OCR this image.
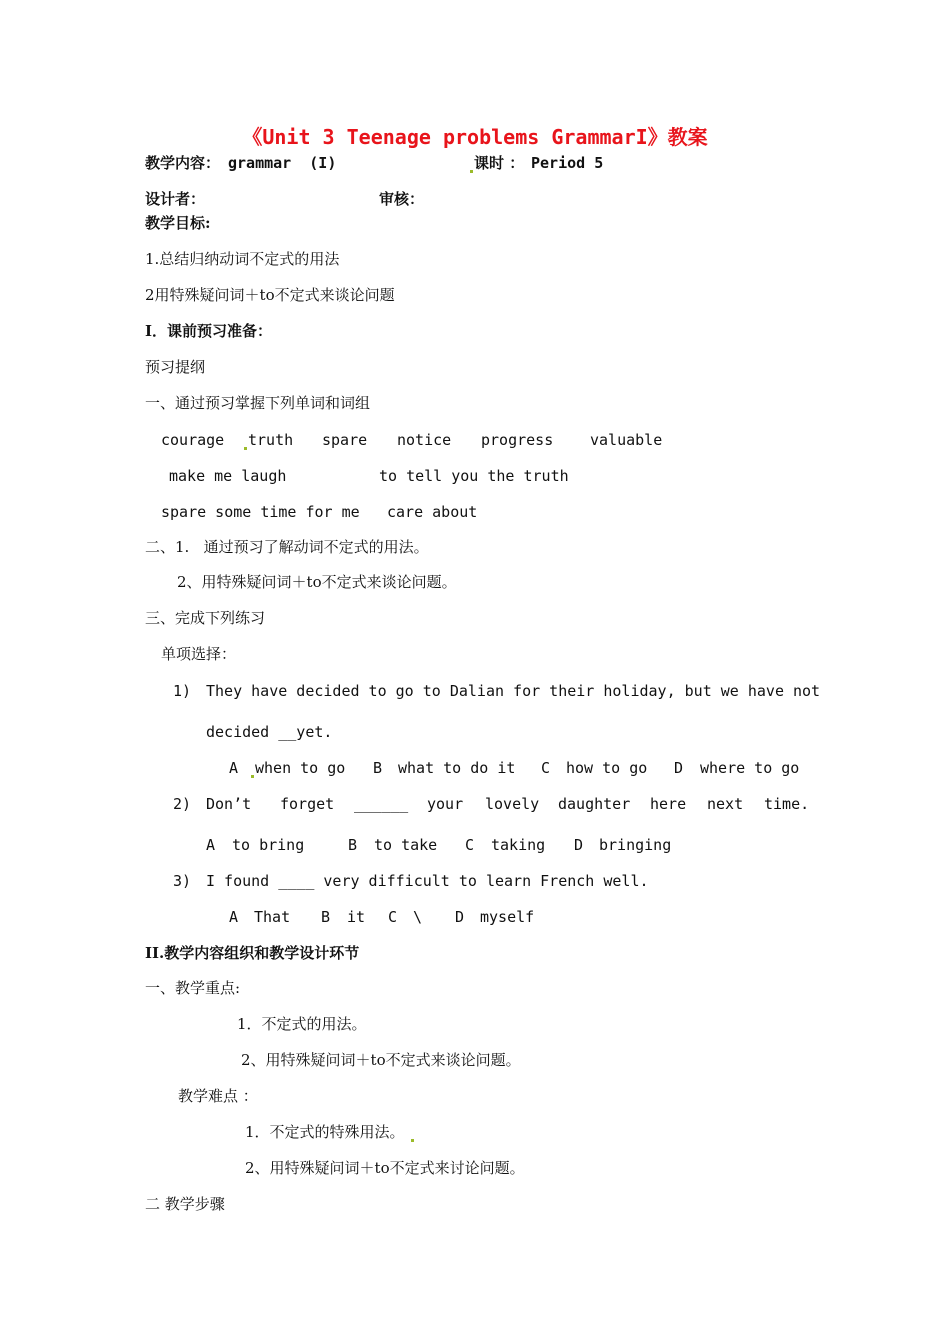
《Unit 3 Teenage problems GrammarI》教案
教学内容： grammar  (I)	课时 ： Period 5
设计者：	审核：
教学目标:
1.总结归纳动词不定式的用法
2用特殊疑问词＋to不定式来谈论问题
I．课前预习准备：
预习提纲
一、通过预习掌握下列单词和词组
courage	truth spare notice progress valuable
make me laugh	to tell you the truth
spare some time for me care about
二、1.   通过预习了解动词不定式的用法。
2、用特殊疑问词＋to不定式来谈论问题。
三、完成下列练习
单项选择：
1) They have decided to go to Dalian for their holiday, but we have not
decided __yet.
A	when to go B what to do it C how to go D where to go
2) Don’t forget ______ your lovely daughter here next time.
A to bring	B to take C taking D bringing
3) I found ____ very difficult to learn French well.
A That B it C \ D myself
II.教学内容组织和教学设计环节
一、教学重点:
1．不定式的用法。
2、用特殊疑问词＋to不定式来谈论问题。
教学难点 ：
1．不定式的特殊用法。
2、用特殊疑问词＋to不定式来讨论问题。
二 教学步骤
